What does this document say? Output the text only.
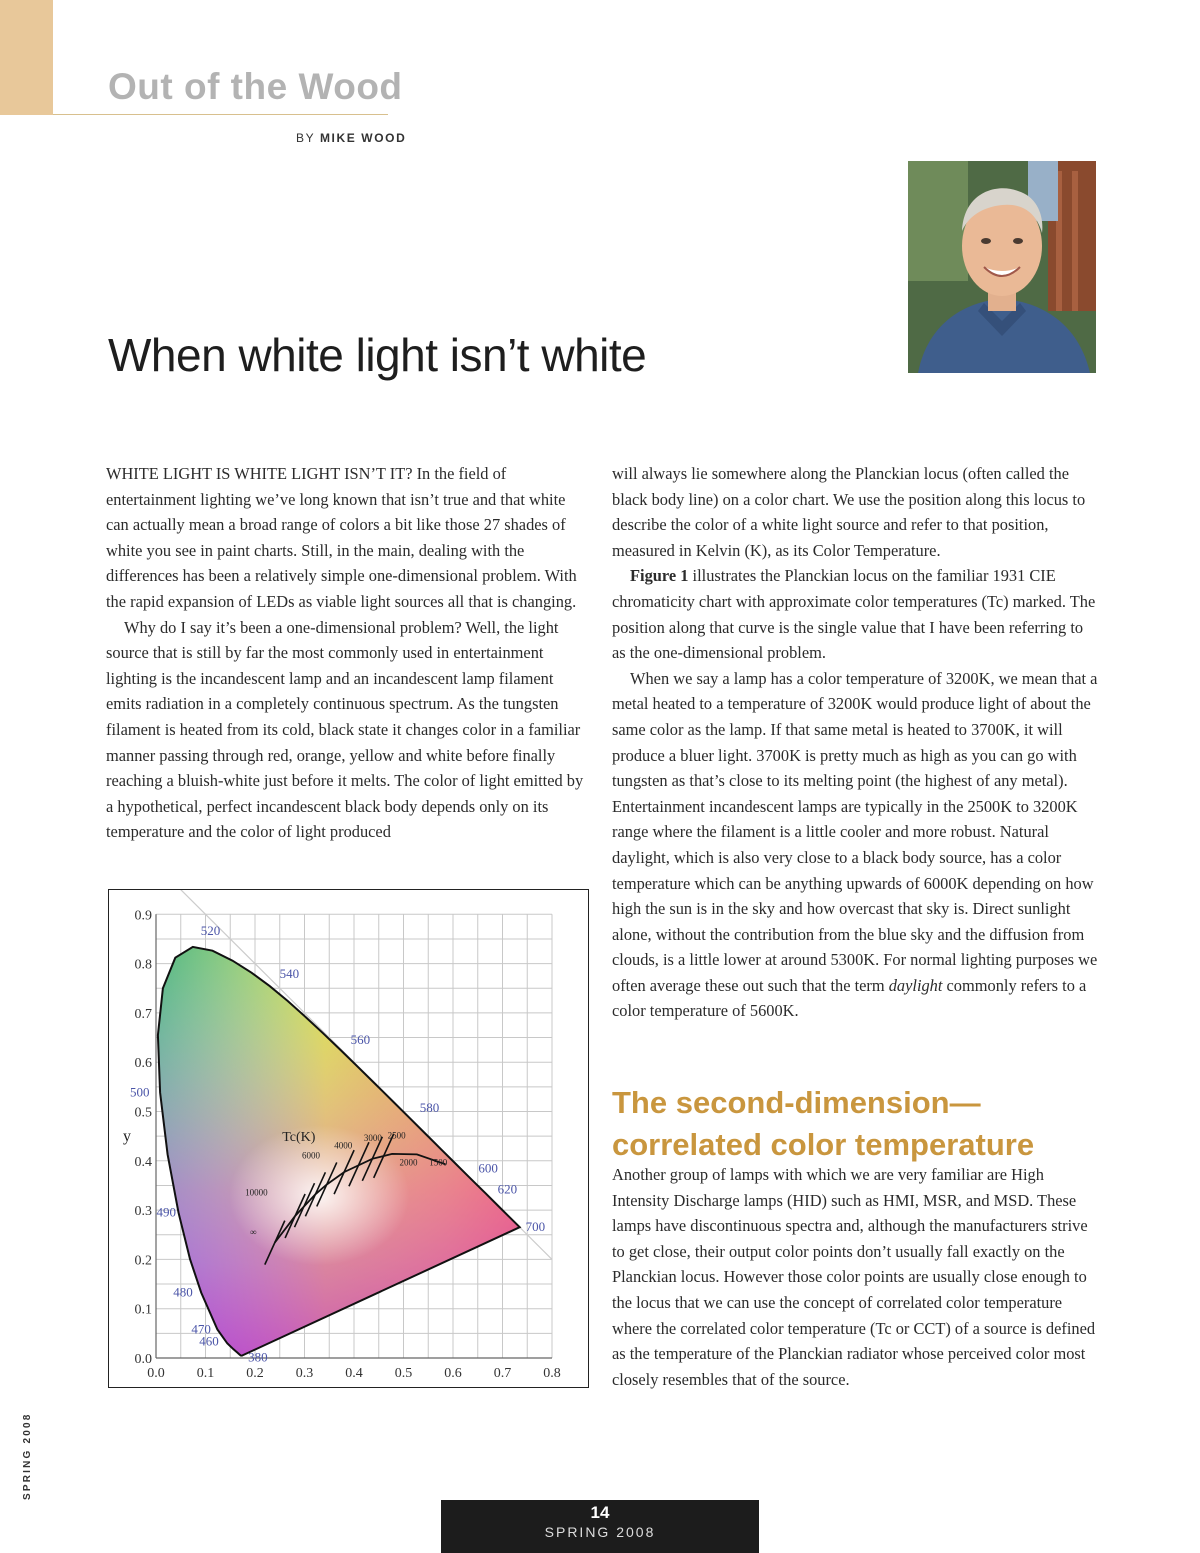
Out of the Wood
BY MIKE WOOD
When white light isn’t white

WHITE LIGHT IS WHITE LIGHT ISN’T IT? In the field of entertainment lighting we’ve long known that isn’t true and that white can actually mean a broad range of colors a bit like those 27 shades of white you see in paint charts. Still, in the main, dealing with the differences has been a relatively simple one-dimensional problem. With the rapid expansion of LEDs as viable light sources all that is changing.

Why do I say it’s been a one-dimensional problem? Well, the light source that is still by far the most commonly used in entertainment lighting is the incandescent lamp and an incandescent lamp filament emits radiation in a completely continuous spectrum. As the tungsten filament is heated from its cold, black state it changes color in a familiar manner passing through red, orange, yellow and white before finally reaching a bluish-white just before it melts. The color of light emitted by a hypothetical, perfect incandescent black body depends only on its temperature and the color of light produced

0.0 0.1 0.2 0.3 0.4 0.5 0.6 0.7 0.8
0.0
0.1
0.2
0.3
0.4
0.5
0.6
0.7
0.8
0.9
y
520
540
560
580
600
620
700
500
490
480
470
460
380
Tc(K)
10000
6000
4000
3000 2500
2000 1500
∞

will always lie somewhere along the Planckian locus (often called the black body line) on a color chart. We use the position along this locus to describe the color of a white light source and refer to that position, measured in Kelvin (K), as its Color Temperature.

Figure 1 illustrates the Planckian locus on the familiar 1931 CIE chromaticity chart with approximate color temperatures (Tc) marked. The position along that curve is the single value that I have been referring to as the one-dimensional problem.

When we say a lamp has a color temperature of 3200K, we mean that a metal heated to a temperature of 3200K would produce light of about the same color as the lamp. If that same metal is heated to 3700K, it will produce a bluer light. 3700K is pretty much as high as you can go with tungsten as that’s close to its melting point (the highest of any metal). Entertainment incandescent lamps are typically in the 2500K to 3200K range where the filament is a little cooler and more robust. Natural daylight, which is also very close to a black body source, has a color temperature which can be anything upwards of 6000K depending on how high the sun is in the sky and how overcast that sky is. Direct sunlight alone, without the contribution from the blue sky and the diffusion from clouds, is a little lower at around 5300K. For normal lighting purposes we often average these out such that the term daylight commonly refers to a color temperature of 5600K.

The second-dimension— correlated color temperature

Another group of lamps with which we are very familiar are High Intensity Discharge lamps (HID) such as HMI, MSR, and MSD. These lamps have discontinuous spectra and, although the manufacturers strive to get close, their output color points don’t usually fall exactly on the Planckian locus. However those color points are usually close enough to the locus that we can use the concept of correlated color temperature where the correlated color temperature (Tc or CCT) of a source is defined as the temperature of the Planckian radiator whose perceived color most closely resembles that of the source.

SPRING 2008
14
SPRING 2008
